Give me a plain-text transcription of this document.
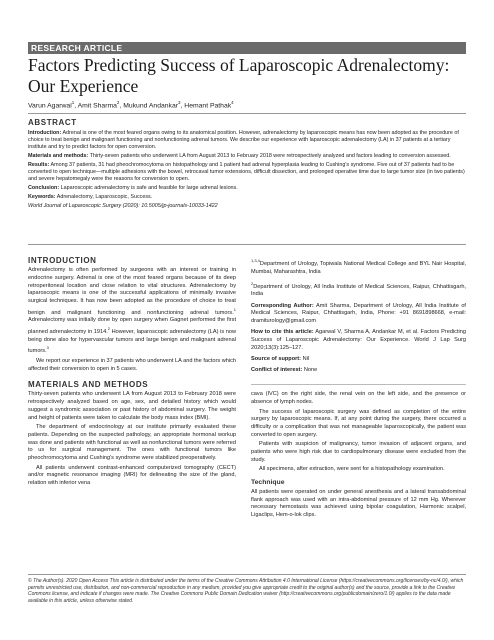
RESEARCH ARTICLE
Factors Predicting Success of Laparoscopic Adrenalectomy:
Our Experience
Varun Agarwal$^1$, Amit Sharma$^2$, Mukund Andankar$^3$, Hemant Pathak$^4$
ABSTRACT

Introduction: Adrenal is one of the most feared organs owing to its anatomical position. However, adrenalectomy by laparoscopic means has now been adopted as the procedure of choice to treat benign and malignant functioning and nonfunctioning adrenal tumors. We describe our experience with laparoscopic adrenalectomy (LA) in 37 patients at a tertiary institute and try to predict factors for open conversion.

Materials and methods: Thirty-seven patients who underwent LA from August 2013 to February 2018 were retrospectively analyzed and factors leading to conversion assessed.

Results: Among 37 patients, 31 had pheochromocytoma on histopathology and 1 patient had adrenal hyperplasia leading to Cushing's syndrome. Five out of 37 patients had to be converted to open technique—multiple adhesions with the bowel, retrocaval tumor extensions, difficult dissection, and prolonged operative time due to large tumor size (in two patients) and severe hepatomegaly were the reasons for conversion to open.

Conclusion: Laparoscopic adrenalectomy is safe and feasible for large adrenal lesions.

Keywords: Adrenalectomy, Laparoscopic, Success.

World Journal of Laparoscopic Surgery (2020): 10.5005/jp-journals-10033-1422

INTRODUCTION

Adrenalectomy is often performed by surgeons with an interest or training in endocrine surgery. Adrenal is one of the most feared organs because of its deep retroperitoneal location and close relation to vital structures. Adrenalectomy by laparoscopic means is one of the successful applications of minimally invasive surgical techniques. It has now been adopted as the procedure of choice to treat benign and malignant functioning and nonfunctioning adrenal tumors.$^1$ Adrenalectomy was initially done by open surgery when Gagnet performed the first planned adrenalectomy in 1914.$^2$ However, laparoscopic adrenalectomy (LA) is now being done also for hypervascular tumors and large benign and malignant adrenal tumors.$^3$

We report our experience in 37 patients who underwent LA and the factors which affected their conversion to open in 5 cases.

MATERIALS AND METHODS

Thirty-seven patients who underwent LA from August 2013 to February 2018 were retrospectively analyzed based on age, sex, and detailed history which would suggest a syndromic association or past history of abdominal surgery. The weight and height of patients were taken to calculate the body mass index (BMI).

The department of endocrinology at our institute primarily evaluated these patients. Depending on the suspected pathology, an appropriate hormonal workup was done and patients with functional as well as nonfunctional tumors were referred to us for surgical management. The ones with functional tumors like pheochromocytoma and Cushing's syndrome were stabilized preoperatively.

All patients underwent contrast-enhanced computerized tomography (CECT) and/or magnetic resonance imaging (MRI) for delineating the size of the gland, relation with inferior vena

$^{1,3,4}$Department of Urology, Topiwala National Medical College and BYL Nair Hospital, Mumbai, Maharashtra, India

$^2$Department of Urology, All India Institute of Medical Sciences, Raipur, Chhattisgarh, India

Corresponding Author: Amit Sharma, Department of Urology, All India Institute of Medical Sciences, Raipur, Chhattisgarh, India, Phone: +91 8691898668, e-mail: dramiturology@gmail.com

How to cite this article: Agarwal V, Sharma A, Andankar M, et al. Factors Predicting Success of Laparoscopic Adrenalectomy: Our Experience. World J Lap Surg 2020;13(3):125–127.

Source of support: Nil

Conflict of interest: None

cava (IVC) on the right side, the renal vein on the left side, and the presence or absence of lymph nodes.

The success of laparoscopic surgery was defined as completion of the entire surgery by laparoscopic means. If, at any point during the surgery, there occurred a difficulty or a complication that was not manageable laparoscopically, the patient was converted to open surgery.

Patients with suspicion of malignancy, tumor invasion of adjacent organs, and patients who were high risk due to cardiopulmonary disease were excluded from the study.

All specimens, after extraction, were sent for a histopathology examination.

Technique

All patients were operated on under general anesthesia and a lateral transabdominal flank approach was used with an intra-abdominal pressure of 12 mm Hg. Wherever necessary hemostasis was achieved using bipolar coagulation, Harmonic scalpel, Ligaclips, Hem-o-lok clips.

© The Author(s). 2020 Open Access This article is distributed under the terms of the Creative Commons Attribution 4.0 International License (https://creativecommons.org/licenses/by-nc/4.0/), which permits unrestricted use, distribution, and non-commercial reproduction in any medium, provided you give appropriate credit to the original author(s) and the source, provide a link to the Creative Commons license, and indicate if changes were made. The Creative Commons Public Domain Dedication waiver (http://creativecommons.org/publicdomain/zero/1.0/) applies to the data made available in this article, unless otherwise stated.
